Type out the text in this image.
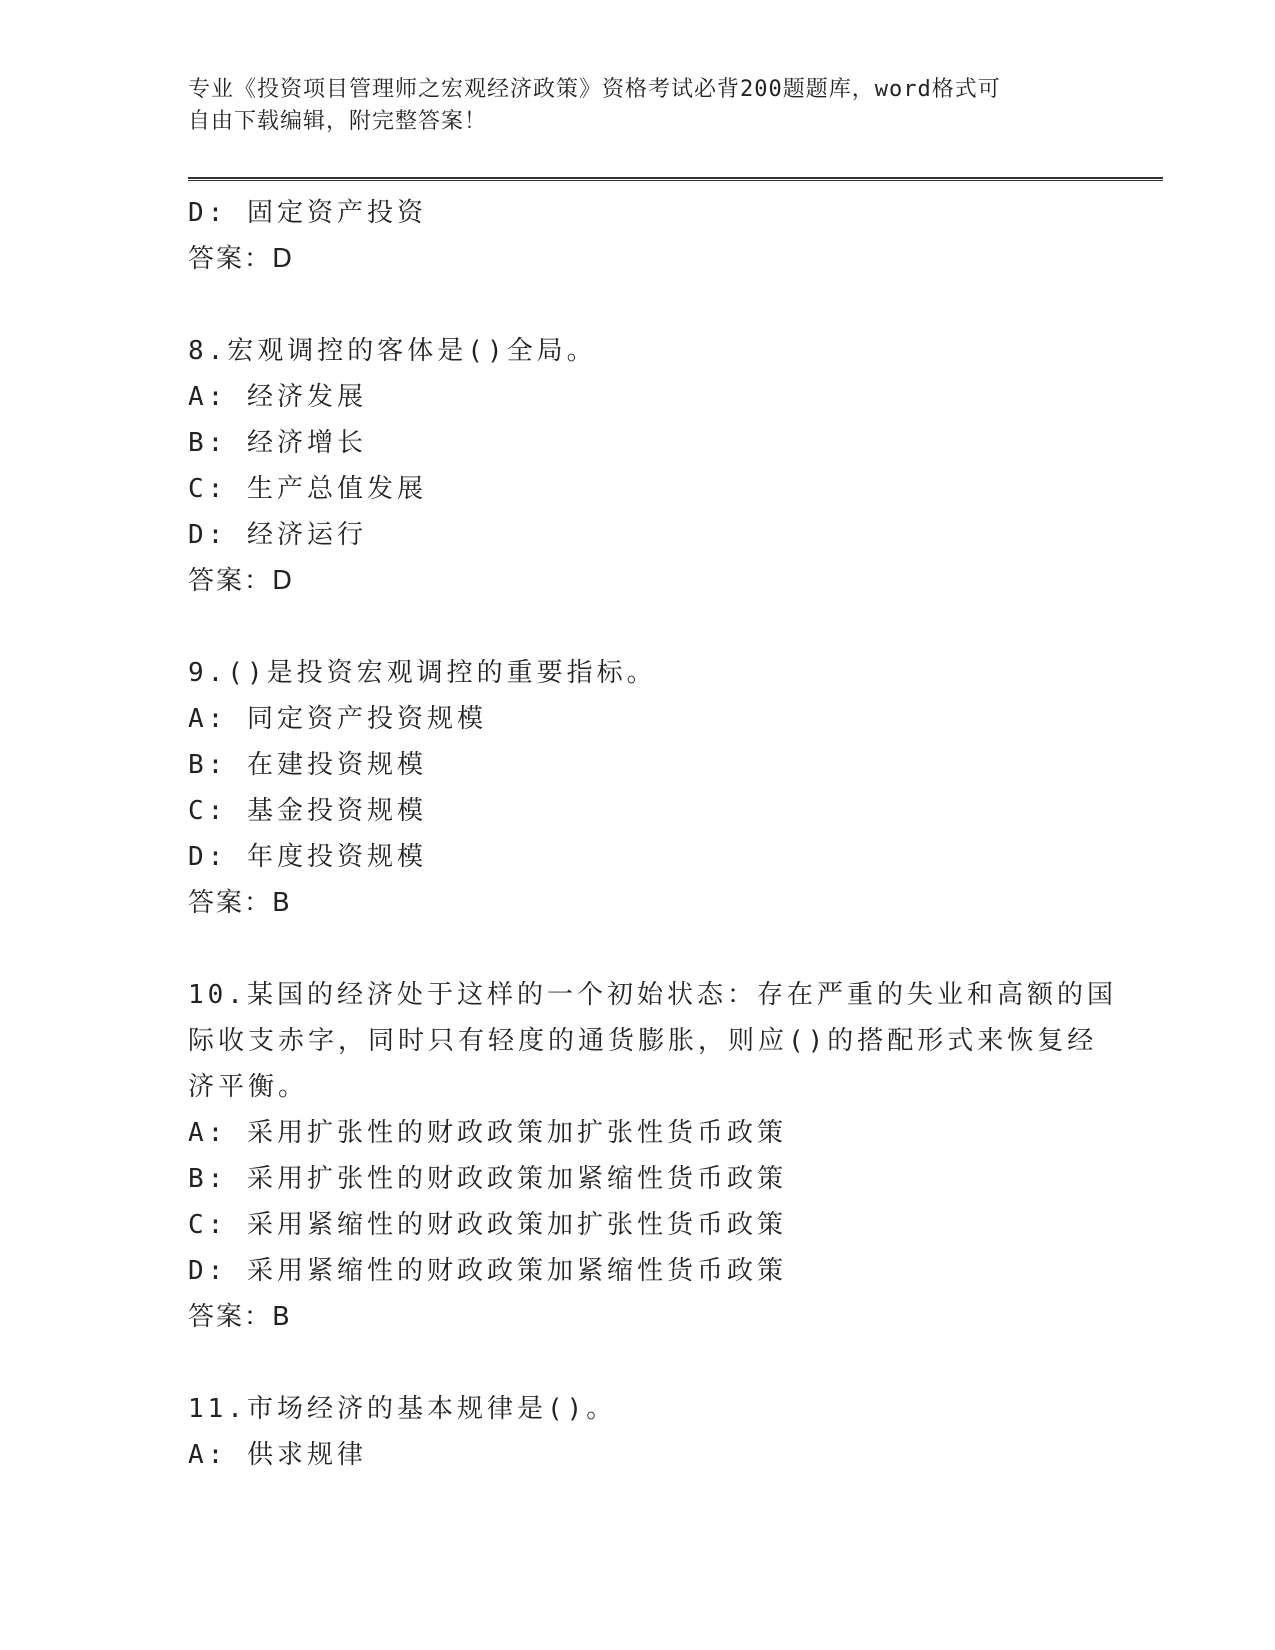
专业《投资项目管理师之宏观经济政策》资格考试必背200题题库，word格式可
自由下载编辑，附完整答案！
D: 固定资产投资
答案：D
8.宏观调控的客体是()全局。
A: 经济发展
B: 经济增长
C: 生产总值发展
D: 经济运行
答案：D
9.()是投资宏观调控的重要指标。
A: 同定资产投资规模
B: 在建投资规模
C: 基金投资规模
D: 年度投资规模
答案：B
10.某国的经济处于这样的一个初始状态：存在严重的失业和高额的国
际收支赤字，同时只有轻度的通货膨胀，则应()的搭配形式来恢复经
济平衡。
A: 采用扩张性的财政政策加扩张性货币政策
B: 采用扩张性的财政政策加紧缩性货币政策
C: 采用紧缩性的财政政策加扩张性货币政策
D: 采用紧缩性的财政政策加紧缩性货币政策
答案：B
11.市场经济的基本规律是()。
A: 供求规律
